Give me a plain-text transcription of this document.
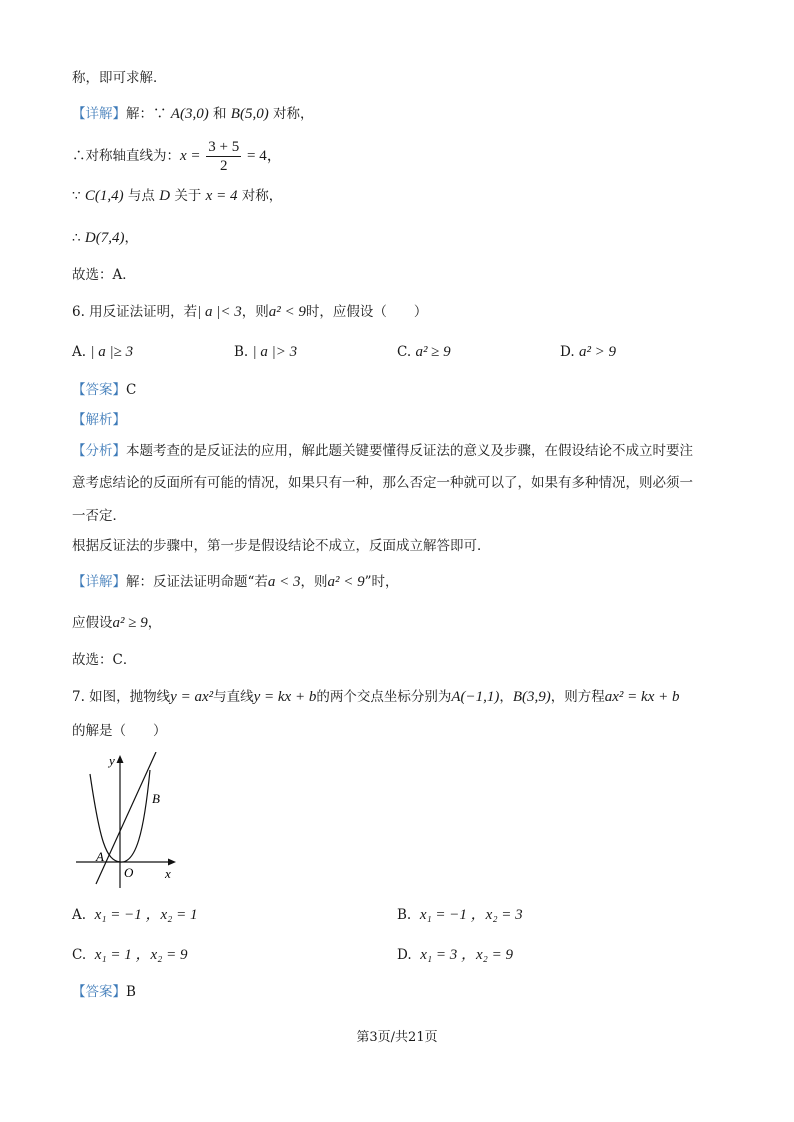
称，即可求解．
【详解】解：∵ A(3,0) 和 B(5,0) 对称，
∴对称轴直线为：$x = \frac{3 + 5}{2} = 4$，
∵ C(1,4) 与点 D 关于 x = 4 对称，
∴ D(7,4)，
故选：A．
6. 用反证法证明，若| a |< 3，则a² < 9时，应假设（　　）
A. | a |≥ 3	B. | a |> 3	C. a² ≥ 9	D. a² > 9
【答案】C
【解析】
【分析】本题考查的是反证法的应用，解此题关键要懂得反证法的意义及步骤，在假设结论不成立时要注
意考虑结论的反面所有可能的情况，如果只有一种，那么否定一种就可以了，如果有多种情况，则必须一
一否定．
根据反证法的步骤中，第一步是假设结论不成立，反面成立解答即可．
【详解】解：反证法证明命题“若a < 3，则a² < 9”时，
应假设a² ≥ 9，
故选：C．
7. 如图，抛物线y = ax²与直线y = kx + b的两个交点坐标分别为A(−1,1)，B(3,9)，则方程ax² = kx + b
的解是（　　）
y
x
O
A
B
A. x₁ = −1 ，x₂ = 1	B. x₁ = −1 ，x₂ = 3
C. x₁ = 1 ，x₂ = 9	D. x₁ = 3 ，x₂ = 9
【答案】B
第3页/共21页
